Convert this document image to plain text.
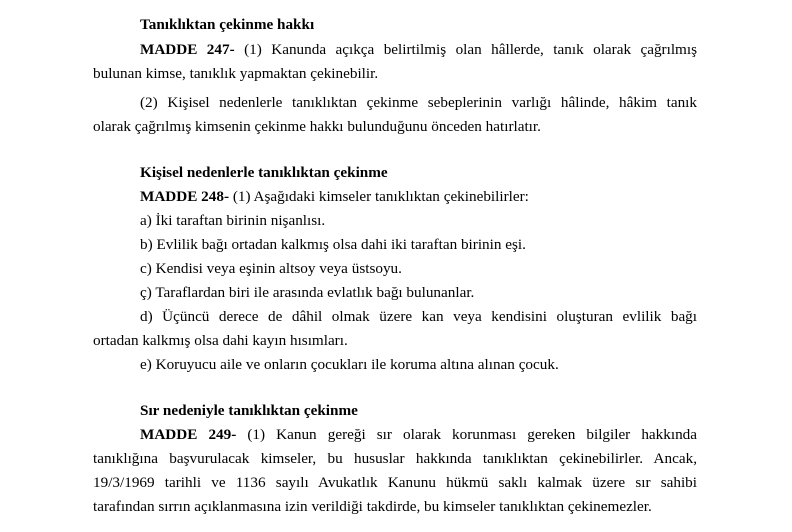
Tanıklıktan çekinme hakkı
MADDE 247- (1) Kanunda açıkça belirtilmiş olan hâllerde, tanık olarak çağrılmış
bulunan kimse, tanıklık yapmaktan çekinebilir.
(2) Kişisel nedenlerle tanıklıktan çekinme sebeplerinin varlığı hâlinde, hâkim tanık
olarak çağrılmış kimsenin çekinme hakkı bulunduğunu önceden hatırlatır.
Kişisel nedenlerle tanıklıktan çekinme
MADDE 248- (1) Aşağıdaki kimseler tanıklıktan çekinebilirler:
a) İki taraftan birinin nişanlısı.
b) Evlilik bağı ortadan kalkmış olsa dahi iki taraftan birinin eşi.
c) Kendisi veya eşinin altsoy veya üstsoyu.
ç) Taraflardan biri ile arasında evlatlık bağı bulunanlar.
d) Üçüncü derece de dâhil olmak üzere kan veya kendisini oluşturan evlilik bağı
ortadan kalkmış olsa dahi kayın hısımları.
e) Koruyucu aile ve onların çocukları ile koruma altına alınan çocuk.
Sır nedeniyle tanıklıktan çekinme
MADDE 249- (1) Kanun gereği sır olarak korunması gereken bilgiler hakkında
tanıklığına başvurulacak kimseler, bu hususlar hakkında tanıklıktan çekinebilirler. Ancak,
19/3/1969 tarihli ve 1136 sayılı Avukatlık Kanunu hükmü saklı kalmak üzere sır sahibi
tarafından sırrın açıklanmasına izin verildiği takdirde, bu kimseler tanıklıktan çekinemezler.
